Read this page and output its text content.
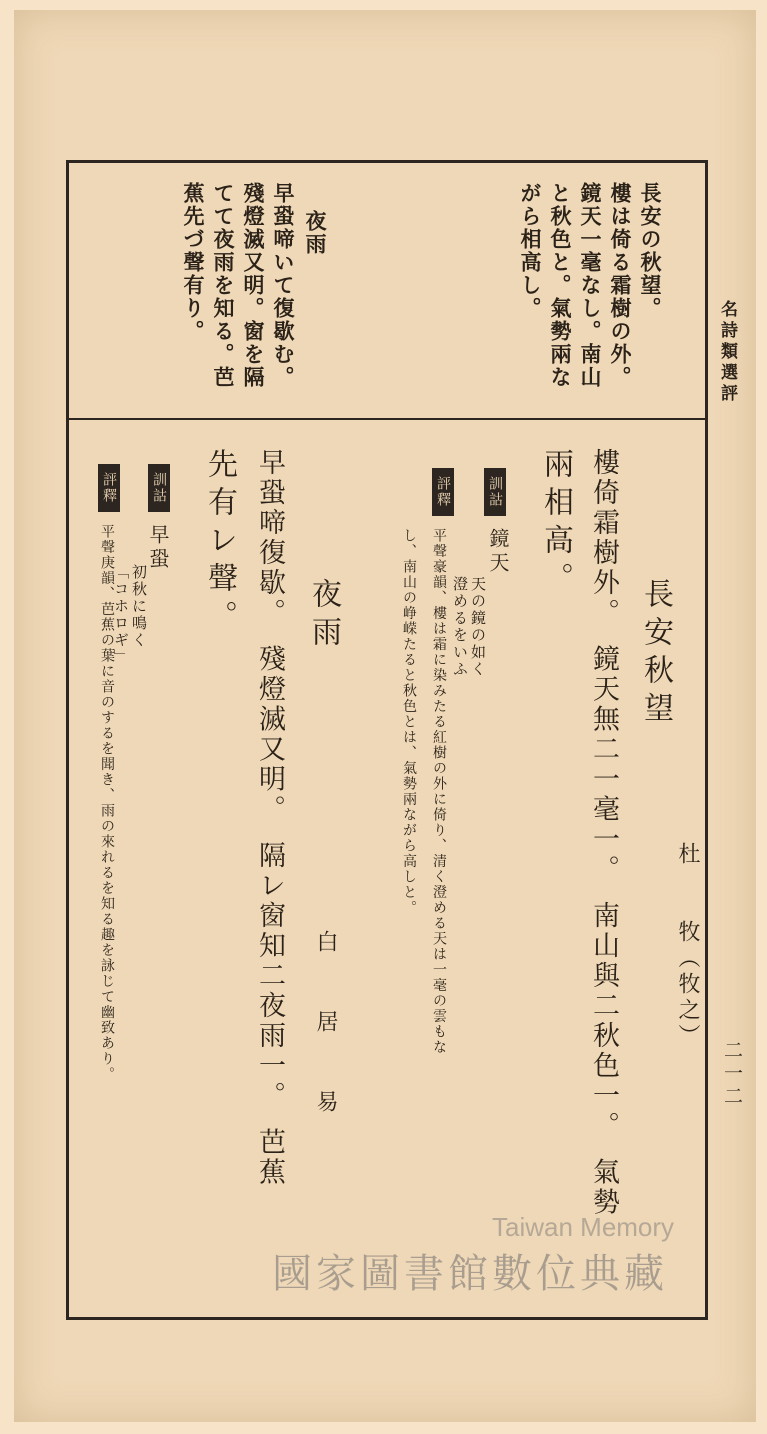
名詩類選評
二一二
長安の秋望。
樓は倚る霜樹の外。
鏡天一毫なし。南山
と秋色と。氣勢兩な
がら相高し。
夜雨
早蛩啼いて復歇む。
殘燈滅又明。窗を隔
てて夜雨を知る。芭
蕉先づ聲有り。
長安秋望
杜　　牧（牧之）
樓倚霜樹外。　鏡天無二一毫一。　南山與二秋色一。　氣勢
兩相高。
訓詁
鏡天
天の鏡の如く
澄めるをいふ
評釋
平聲豪韻、樓は霜に染みたる紅樹の外に倚り、清く澄める天は一毫の雲もな
し、南山の峥嵘たると秋色とは、氣勢兩ながら高しと。
夜雨
白　居　易
早蛩啼復歇。　殘燈滅又明。　隔レ窗知二夜雨一。　芭蕉
先有レ聲。
訓詁
早蛩
初秋に鳴く
「コホロギ」
評釋
平聲庚韻、芭蕉の葉に音のするを聞き、雨の來れるを知る趣を詠じて幽致あり。
Taiwan Memory
國家圖書館數位典藏
